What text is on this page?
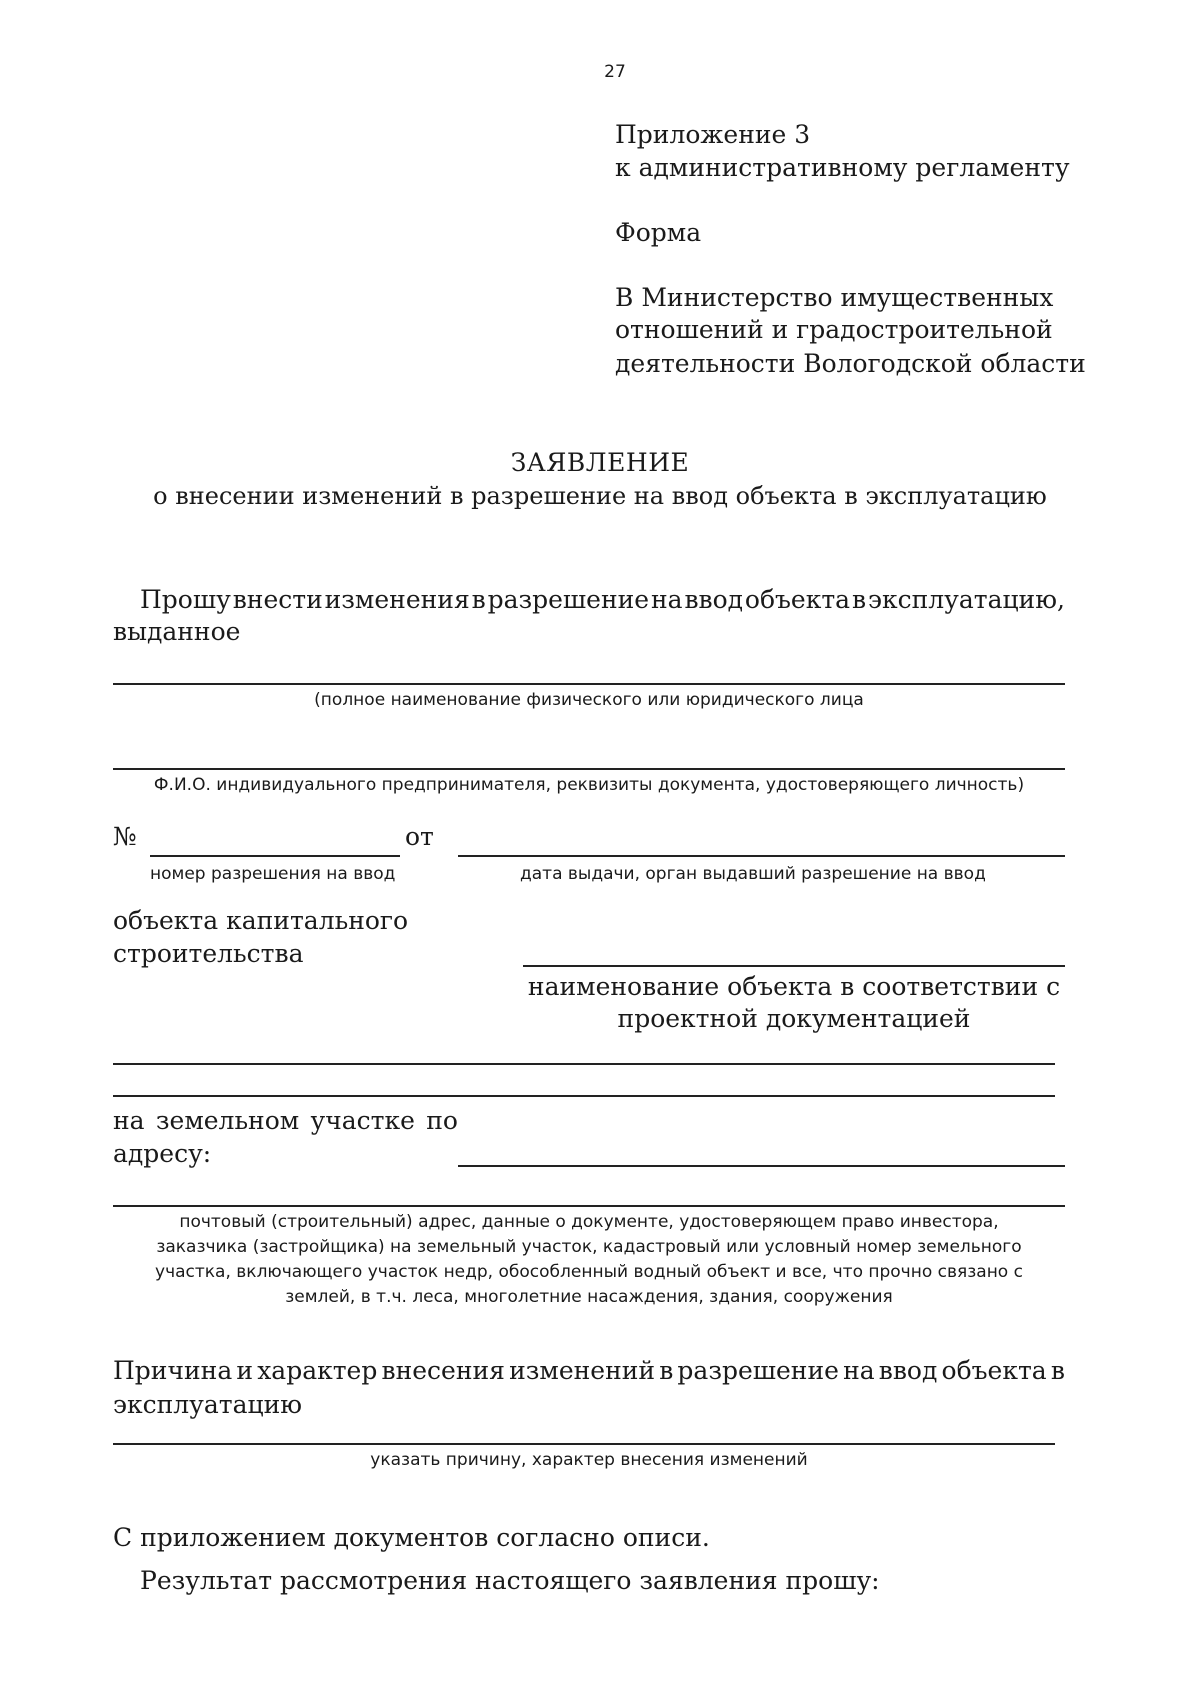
27
Приложение 3
к административному регламенту
Форма
В Министерство имущественных
отношений и градостроительной
деятельности Вологодской области
ЗАЯВЛЕНИЕ
о внесении изменений в разрешение на ввод объекта в эксплуатацию
Прошу внести изменения в разрешение на ввод объекта в эксплуатацию,
выданное
(полное наименование физического или юридического лица
Ф.И.О. индивидуального предпринимателя, реквизиты документа, удостоверяющего личность)
№	от
номер разрешения на ввод	дата выдачи, орган выдавший разрешение на ввод
объекта капитального
строительства
наименование объекта в соответствии с
проектной документацией
на земельном участке по
адресу:
почтовый (строительный) адрес, данные о документе, удостоверяющем право инвестора,
заказчика (застройщика) на земельный участок, кадастровый или условный номер земельного
участка, включающего участок недр, обособленный водный объект и все, что прочно связано с
землей, в т.ч. леса, многолетние насаждения, здания, сооружения
Причина и характер внесения изменений в разрешение на ввод объекта в
эксплуатацию
указать причину, характер внесения изменений
С приложением документов согласно описи.
Результат рассмотрения настоящего заявления прошу:
